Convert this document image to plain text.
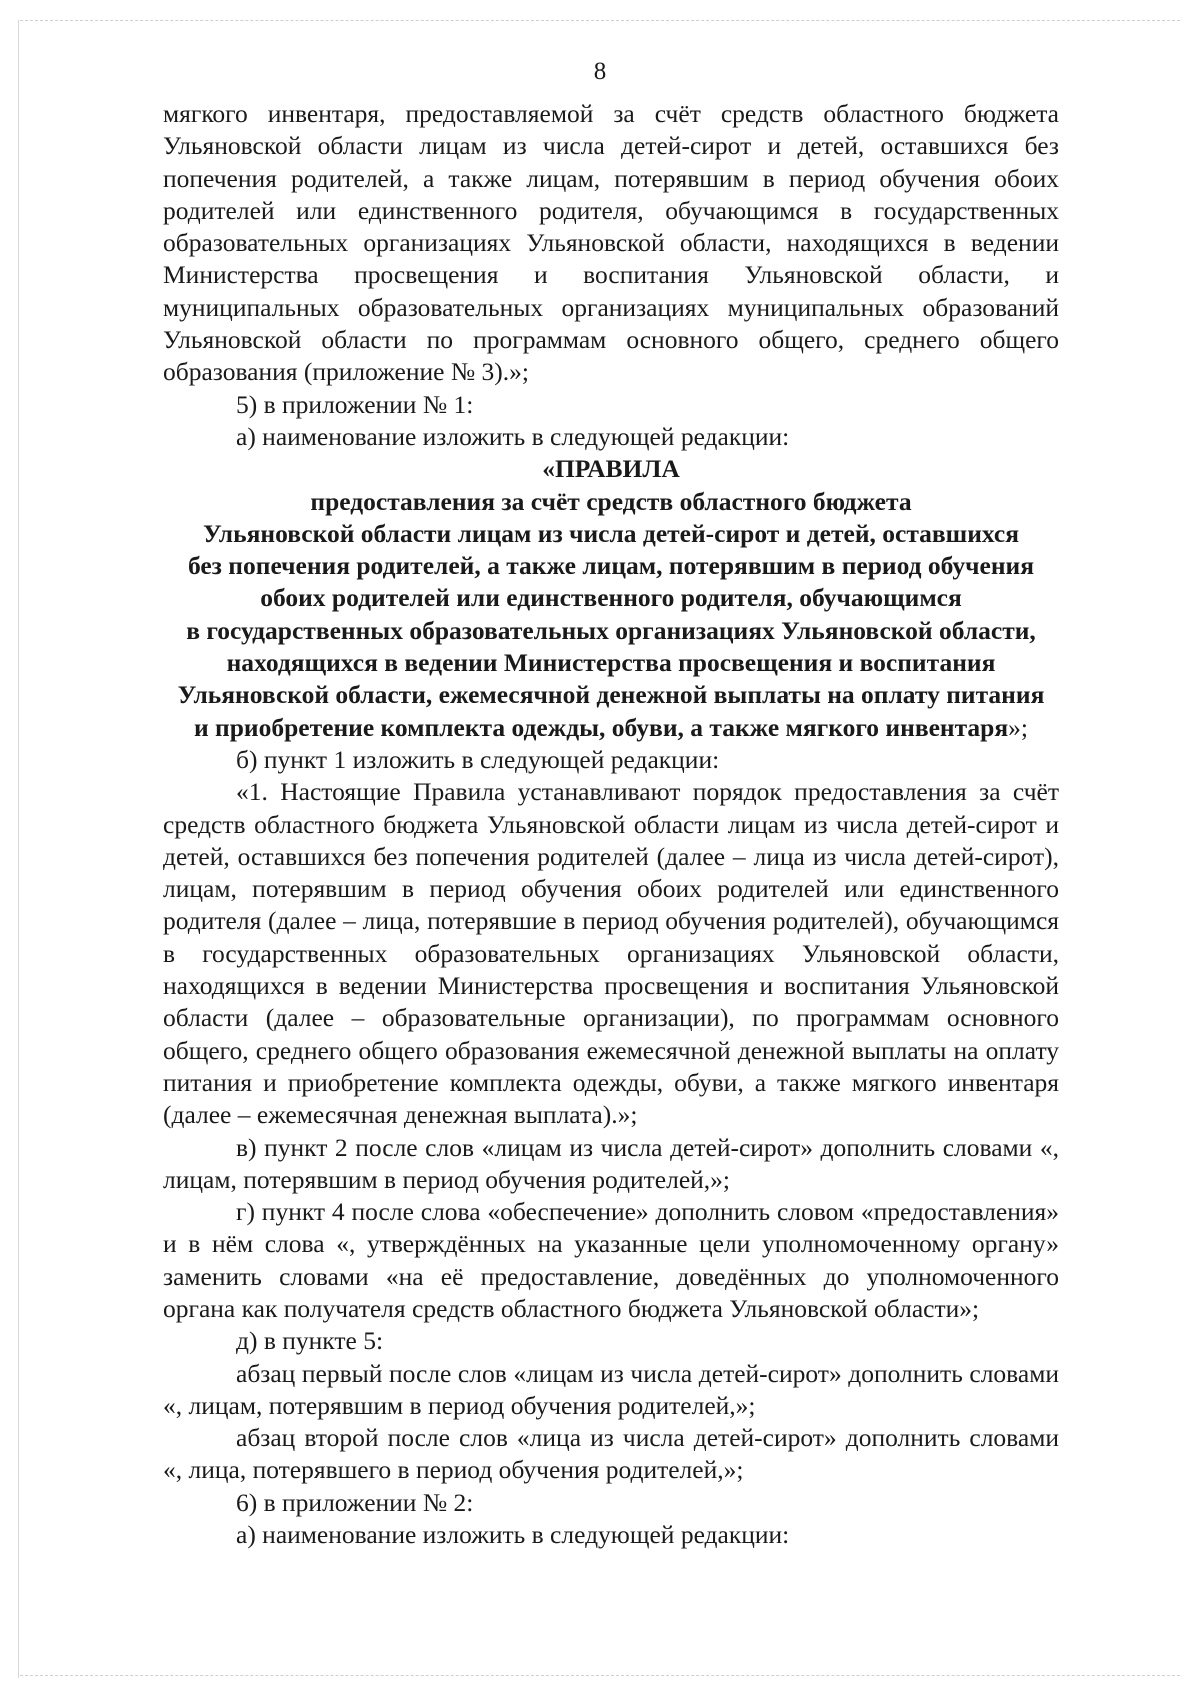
8

мягкого инвентаря, предоставляемой за счёт средств областного бюджета Ульяновской области лицам из числа детей-сирот и детей, оставшихся без попечения родителей, а также лицам, потерявшим в период обучения обоих родителей или единственного родителя, обучающимся в государственных образовательных организациях Ульяновской области, находящихся в ведении Министерства просвещения и воспитания Ульяновской области, и муниципальных образовательных организациях муниципальных образований Ульяновской области по программам основного общего, среднего общего образования (приложение № 3).»;

5) в приложении № 1:

а) наименование изложить в следующей редакции:

«ПРАВИЛА
предоставления за счёт средств областного бюджета
Ульяновской области лицам из числа детей-сирот и детей, оставшихся
без попечения родителей, а также лицам, потерявшим в период обучения
обоих родителей или единственного родителя, обучающимся
в государственных образовательных организациях Ульяновской области,
находящихся в ведении Министерства просвещения и воспитания
Ульяновской области, ежемесячной денежной выплаты на оплату питания
и приобретение комплекта одежды, обуви, а также мягкого инвентаря»;

б) пункт 1 изложить в следующей редакции:

«1. Настоящие Правила устанавливают порядок предоставления за счёт средств областного бюджета Ульяновской области лицам из числа детей-сирот и детей, оставшихся без попечения родителей (далее – лица из числа детей-сирот), лицам, потерявшим в период обучения обоих родителей или единственного родителя (далее – лица, потерявшие в период обучения родителей), обучающимся в государственных образовательных организациях Ульяновской области, находящихся в ведении Министерства просвещения и воспитания Ульяновской области (далее – образовательные организации), по программам основного общего, среднего общего образования ежемесячной денежной выплаты на оплату питания и приобретение комплекта одежды, обуви, а также мягкого инвентаря (далее – ежемесячная денежная выплата).»;

в) пункт 2 после слов «лицам из числа детей-сирот» дополнить словами «, лицам, потерявшим в период обучения родителей,»;

г) пункт 4 после слова «обеспечение» дополнить словом «предоставления» и в нём слова «, утверждённых на указанные цели уполномоченному органу» заменить словами «на её предоставление, доведённых до уполномоченного органа как получателя средств областного бюджета Ульяновской области»;

д) в пункте 5:

абзац первый после слов «лицам из числа детей-сирот» дополнить словами «, лицам, потерявшим в период обучения родителей,»;

абзац второй после слов «лица из числа детей-сирот» дополнить словами «, лица, потерявшего в период обучения родителей,»;

6) в приложении № 2:

а) наименование изложить в следующей редакции:
